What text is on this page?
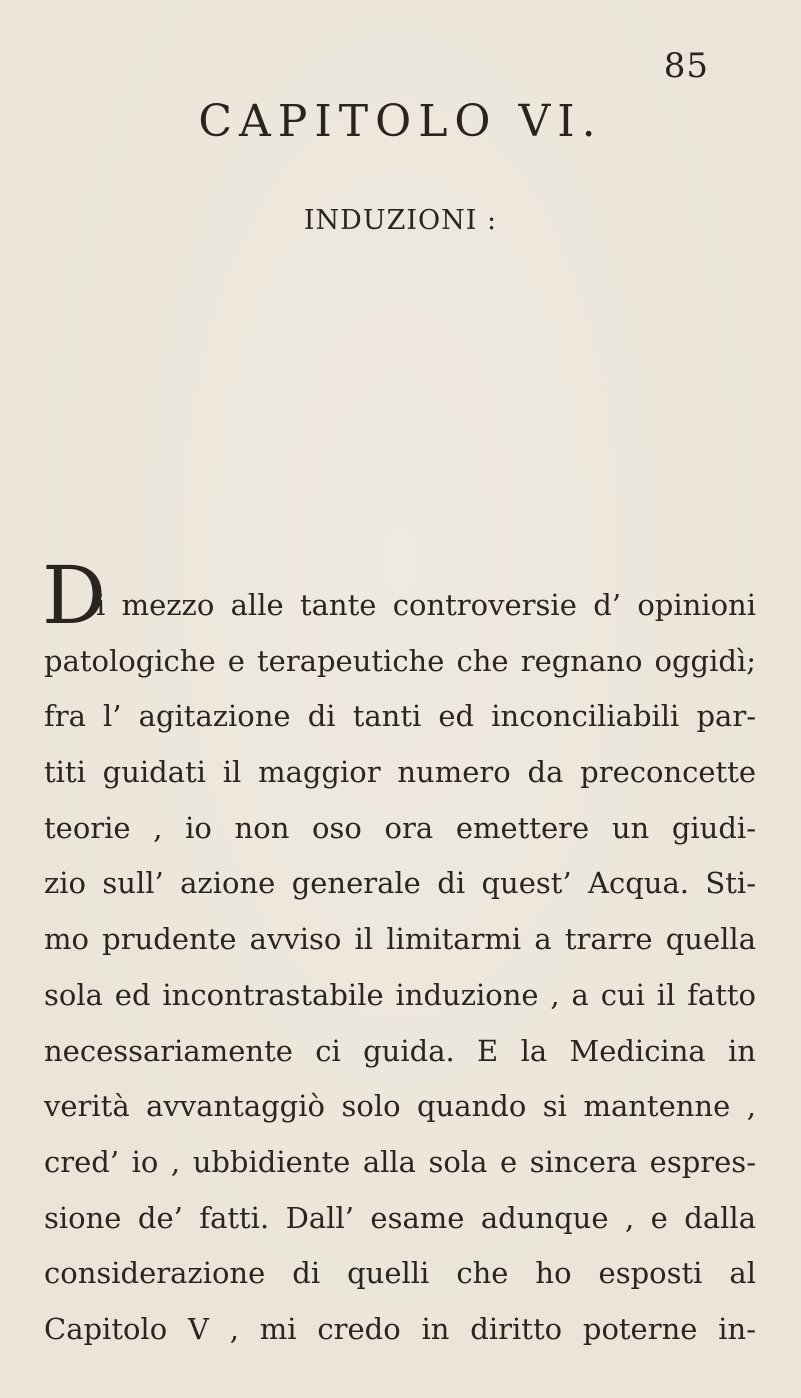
85
CAPITOLO VI.
INDUZIONI :
D
i mezzo alle tante controversie d’ opinioni
patologiche e terapeutiche che regnano oggidì;
fra l’ agitazione di tanti ed inconciliabili par-
titi guidati il maggior numero da preconcette
teorie , io non oso ora emettere un giudi-
zio sull’ azione generale di quest’ Acqua. Sti-
mo prudente avviso il limitarmi a trarre quella
sola ed incontrastabile induzione , a cui il fatto
necessariamente ci guida. E la Medicina in
verità avvantaggiò solo quando si mantenne ,
cred’ io , ubbidiente alla sola e sincera espres-
sione de’ fatti. Dall’ esame adunque , e dalla
considerazione di quelli che ho esposti al
Capitolo V , mi credo in diritto poterne in-
